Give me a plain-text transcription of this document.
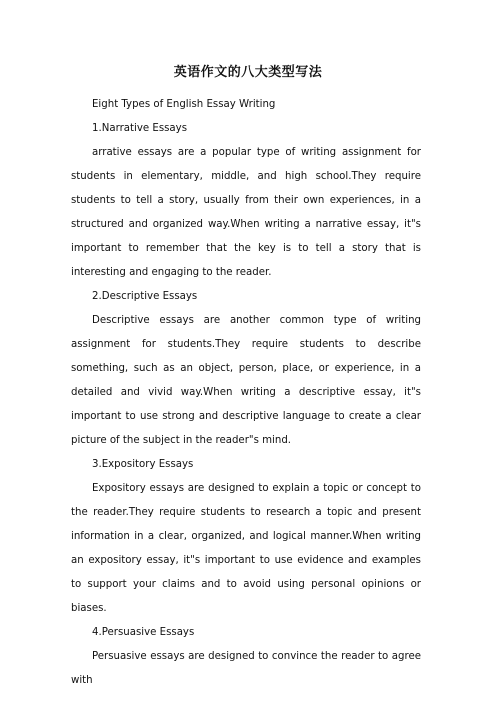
英语作文的八大类型写法

Eight Types of English Essay Writing

1.Narrative Essays

arrative essays are a popular type of writing assignment for students in elementary, middle, and high school.They require students to tell a story, usually from their own experiences, in a structured and organized way.When writing a narrative essay, it"s important to remember that the key is to tell a story that is interesting and engaging to the reader.

2.Descriptive Essays

Descriptive essays are another common type of writing assignment for students.They require students to describe something, such as an object, person, place, or experience, in a detailed and vivid way.When writing a descriptive essay, it"s important to use strong and descriptive language to create a clear picture of the subject in the reader"s mind.

3.Expository Essays

Expository essays are designed to explain a topic or concept to the reader.They require students to research a topic and present information in a clear, organized, and logical manner.When writing an expository essay, it"s important to use evidence and examples to support your claims and to avoid using personal opinions or biases.

4.Persuasive Essays

Persuasive essays are designed to convince the reader to agree with
